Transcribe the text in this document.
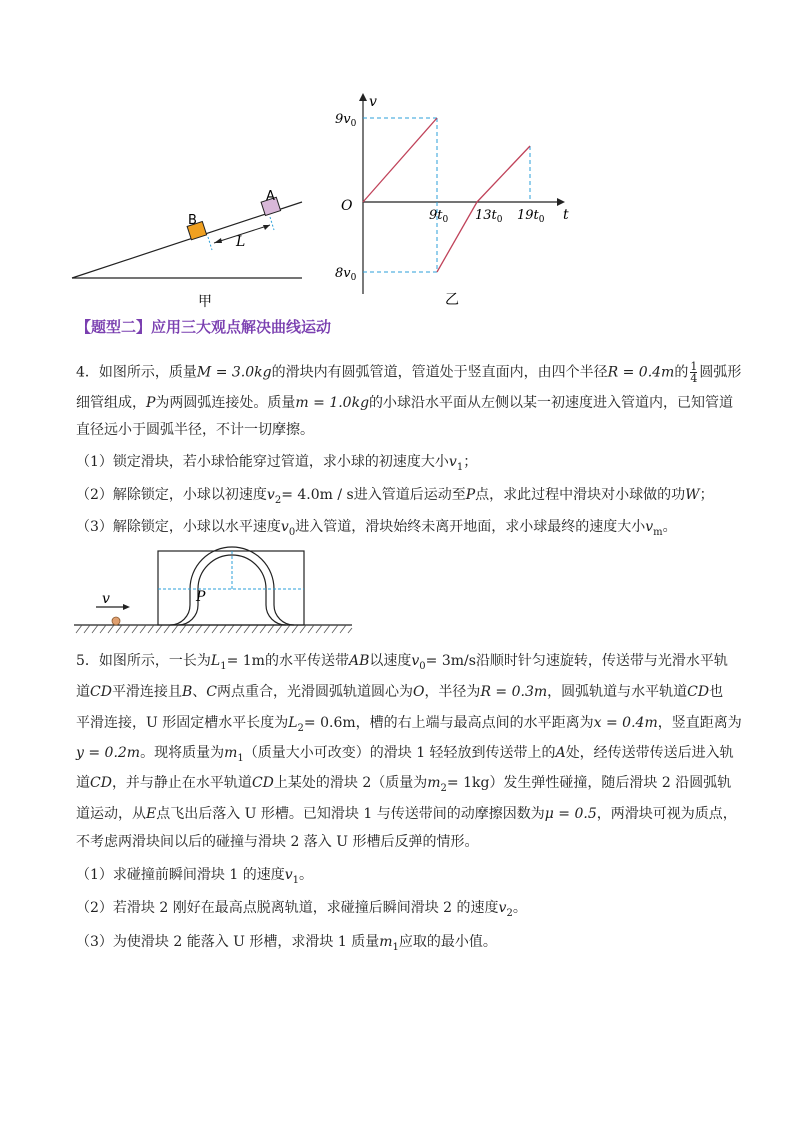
B
A
L
甲
v
t
O
$9v_0$
$8v_0$
$9t_0$ $13t_0$ $19t_0$
乙
【题型二】应用三大观点解决曲线运动
4．如图所示，质量M = 3.0kg的滑块内有圆弧管道，管道处于竖直面内，由四个半径R = 0.4m的 $\frac{1}{4}$ 圆弧形
细管组成，P为两圆弧连接处。质量m = 1.0kg的小球沿水平面从左侧以某一初速度进入管道内，已知管道
直径远小于圆弧半径，不计一切摩擦。
（1）锁定滑块，若小球恰能穿过管道，求小球的初速度大小$v_1$；
（2）解除锁定，小球以初速度$v_2= 4.0m / s$进入管道后运动至P点，求此过程中滑块对小球做的功W；
（3）解除锁定，小球以水平速度$v_0$进入管道，滑块始终未离开地面，求小球最终的速度大小$v_m$。
v	P
5．如图所示，一长为$L_1= 1m$的水平传送带AB以速度$v_0= 3m/s$沿顺时针匀速旋转，传送带与光滑水平轨
道CD平滑连接且B、C两点重合，光滑圆弧轨道圆心为O，半径为R = 0.3m，圆弧轨道与水平轨道CD也
平滑连接，U 形固定槽水平长度为$L_2= 0.6m$，槽的右上端与最高点间的水平距离为x = 0.4m，竖直距离为
y = 0.2m。现将质量为$m_1$（质量大小可改变）的滑块 1 轻轻放到传送带上的A处，经传送带传送后进入轨
道CD，并与静止在水平轨道CD上某处的滑块 2（质量为$m_2= 1kg$）发生弹性碰撞，随后滑块 2 沿圆弧轨
道运动，从E点飞出后落入 U 形槽。已知滑块 1 与传送带间的动摩擦因数为μ = 0.5，两滑块可视为质点，
不考虑两滑块间以后的碰撞与滑块 2 落入 U 形槽后反弹的情形。
（1）求碰撞前瞬间滑块 1 的速度$v_1$。
（2）若滑块 2 刚好在最高点脱离轨道，求碰撞后瞬间滑块 2 的速度$v_2$。
（3）为使滑块 2 能落入 U 形槽，求滑块 1 质量$m_1$应取的最小值。
